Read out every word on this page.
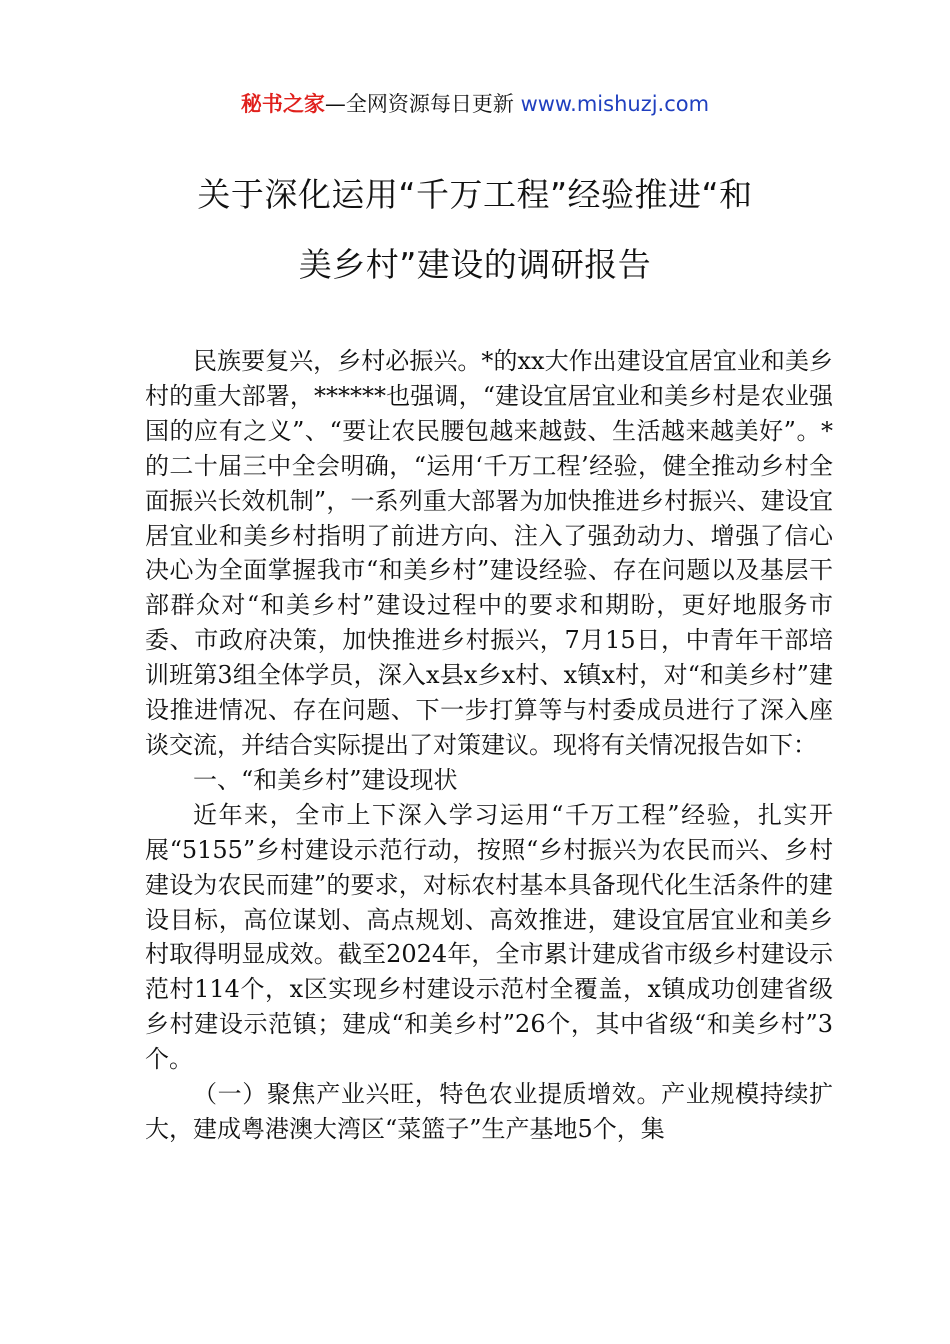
秘书之家—全网资源每日更新 www.mishuzj.com
关于深化运用“千万工程”经验推进“和
美乡村”建设的调研报告

民族要复兴，乡村必振兴。*的xx大作出建设宜居宜业和美乡村的重大部署，******也强调，“建设宜居宜业和美乡村是农业强国的应有之义”、“要让农民腰包越来越鼓、生活越来越美好”。*的二十届三中全会明确，“运用‘千万工程’经验，健全推动乡村全面振兴长效机制”，一系列重大部署为加快推进乡村振兴、建设宜居宜业和美乡村指明了前进方向、注入了强劲动力、增强了信心决心为全面掌握我市“和美乡村”建设经验、存在问题以及基层干部群众对“和美乡村”建设过程中的要求和期盼，更好地服务市委、市政府决策，加快推进乡村振兴，7月15日，中青年干部培训班第3组全体学员，深入x县x乡x村、x镇x村，对“和美乡村”建设推进情况、存在问题、下一步打算等与村委成员进行了深入座谈交流，并结合实际提出了对策建议。现将有关情况报告如下：

一、“和美乡村”建设现状

近年来，全市上下深入学习运用“千万工程”经验，扎实开展“5155”乡村建设示范行动，按照“乡村振兴为农民而兴、乡村建设为农民而建”的要求，对标农村基本具备现代化生活条件的建设目标，高位谋划、高点规划、高效推进，建设宜居宜业和美乡村取得明显成效。截至2024年，全市累计建成省市级乡村建设示范村114个，x区实现乡村建设示范村全覆盖，x镇成功创建省级乡村建设示范镇；建成“和美乡村”26个，其中省级“和美乡村”3个。

（一）聚焦产业兴旺，特色农业提质增效。产业规模持续扩大，建成粤港澳大湾区“菜篮子”生产基地5个，集
